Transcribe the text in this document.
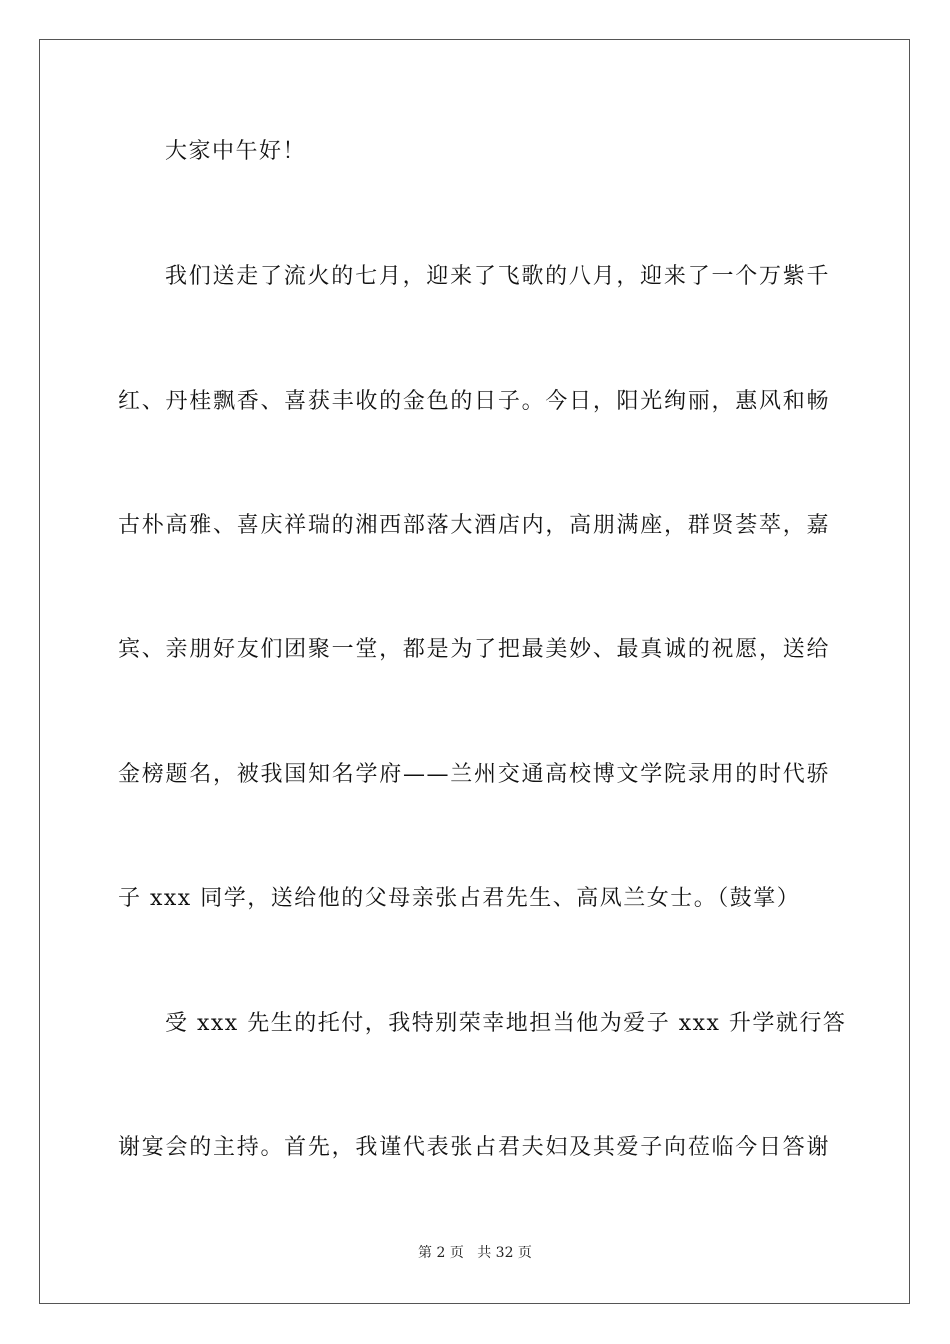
大家中午好！
我们送走了流火的七月，迎来了飞歌的八月，迎来了一个万紫千
红、丹桂飘香、喜获丰收的金色的日子。今日，阳光绚丽，惠风和畅
古朴高雅、喜庆祥瑞的湘西部落大酒店内，高朋满座，群贤荟萃，嘉
宾、亲朋好友们团聚一堂，都是为了把最美妙、最真诚的祝愿，送给
金榜题名，被我国知名学府——兰州交通高校博文学院录用的时代骄
子 xxx 同学，送给他的父母亲张占君先生、高凤兰女士。（鼓掌）
受 xxx 先生的托付，我特别荣幸地担当他为爱子 xxx 升学就行答
谢宴会的主持。首先，我谨代表张占君夫妇及其爱子向莅临今日答谢
第 2 页 共 32 页
